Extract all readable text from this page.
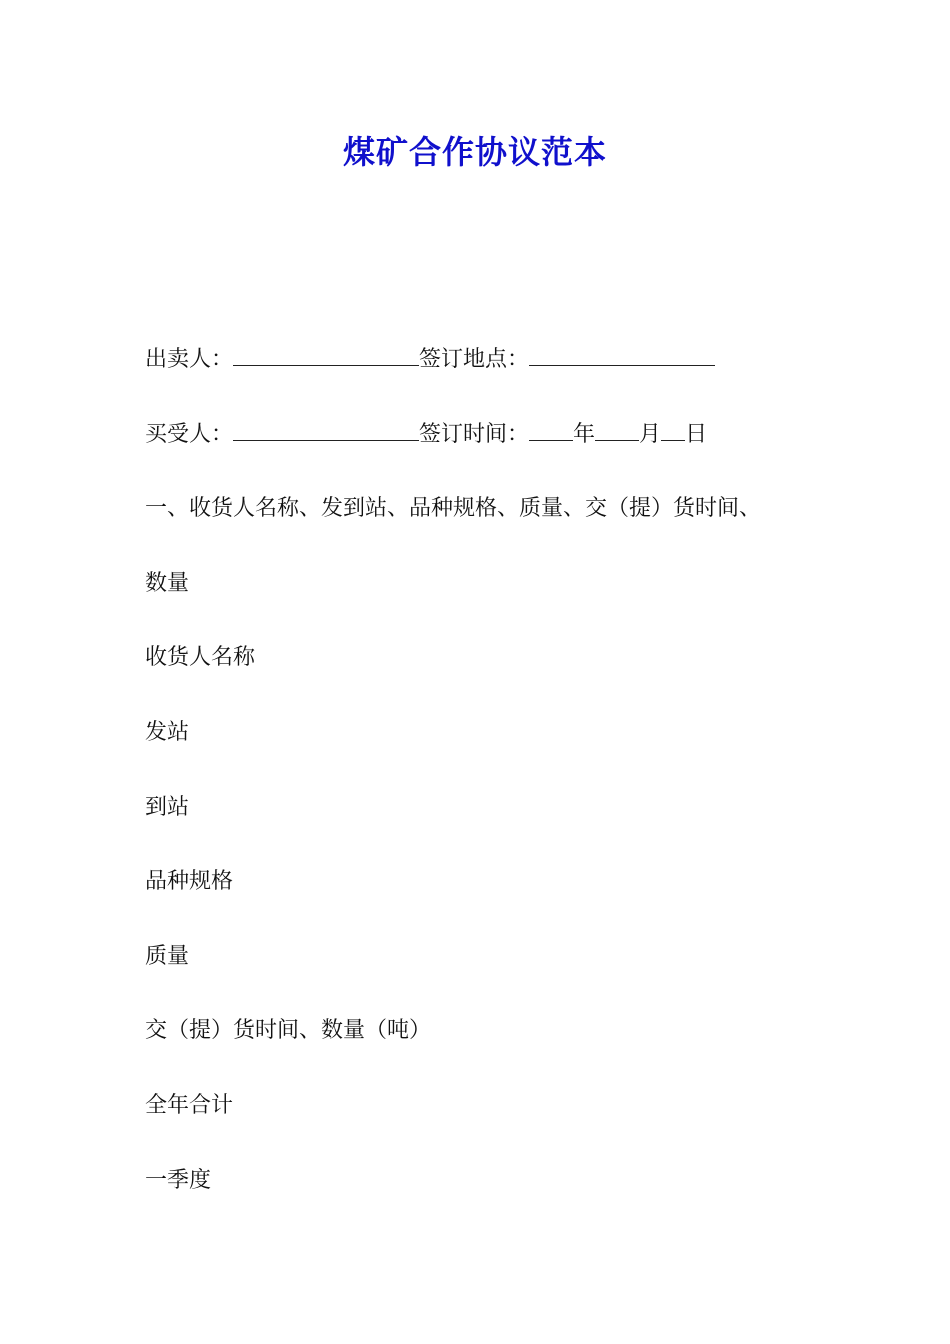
煤矿合作协议范本
出卖人：	签订地点：
买受人：	签订时间： 年 月 日
一、收货人名称、发到站、品种规格、质量、交（提）货时间、
数量
收货人名称
发站
到站
品种规格
质量
交（提）货时间、数量（吨）
全年合计
一季度
